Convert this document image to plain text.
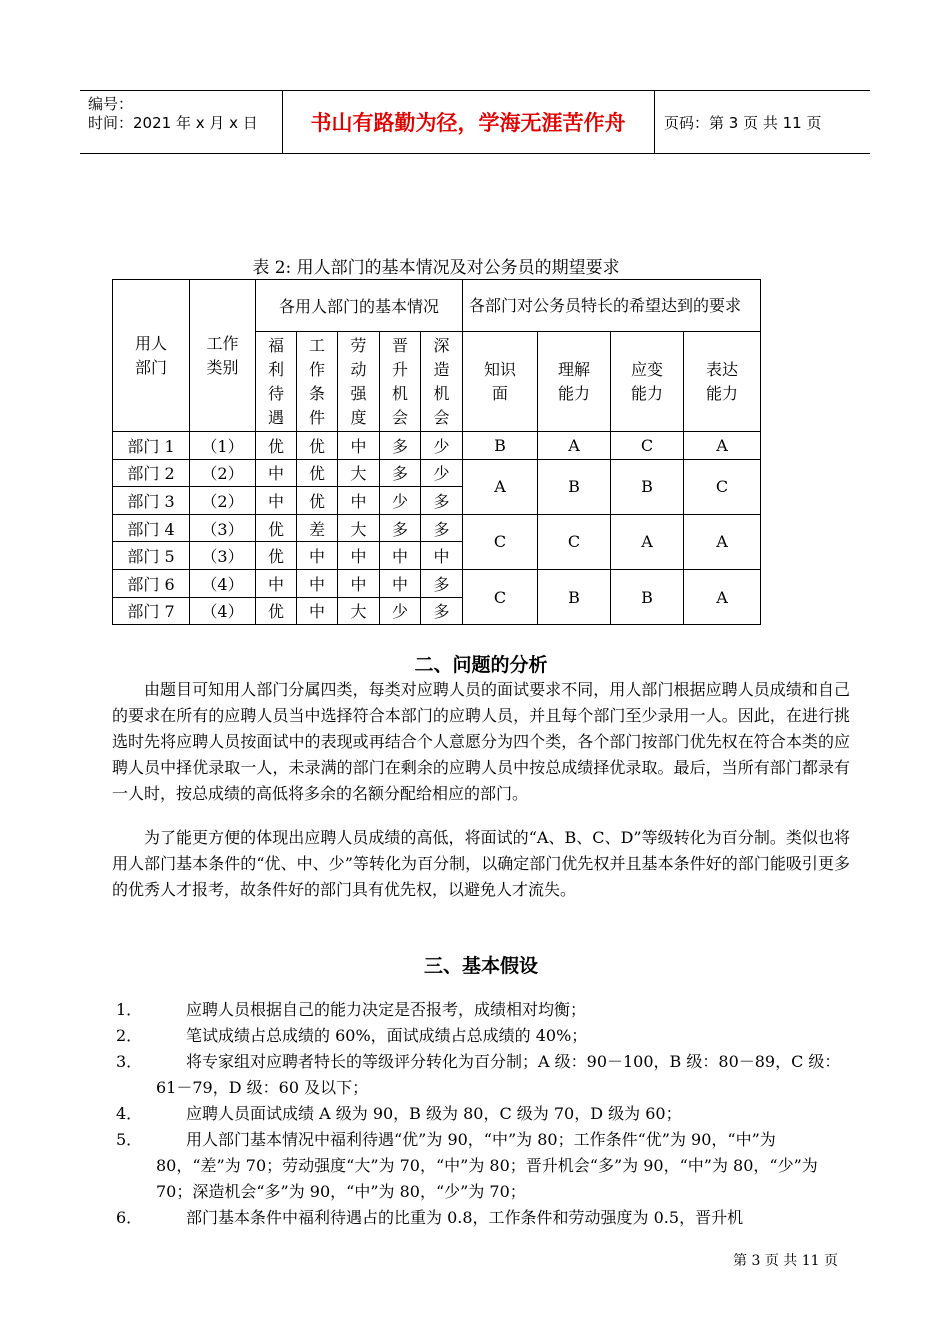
编号：
时间：2021 年 x 月 x 日	书山有路勤为径，学海无涯苦作舟	页码：第 3 页 共 11 页
表 2: 用人部门的基本情况及对公务员的期望要求
用人部门	工作类别	各用人部门的基本情况					各部门对公务员特长的希望达到的要求			
		福利待遇	工作条件	劳动强度	晋升机会	深造机会	知识面	理解能力	应变能力	表达能力
部门 1	（1）	优	优	中	多	少	B	A	C	A
部门 2	（2）	中	优	大	多	少	A	B	B	C
部门 3	（2）	中	优	中	少	多				
部门 4	（3）	优	差	大	多	多	C	C	A	A
部门 5	（3）	优	中	中	中	中				
部门 6	（4）	中	中	中	中	多	C	B	B	A
部门 7	（4）	优	中	大	少	多				
二、问题的分析

由题目可知用人部门分属四类，每类对应聘人员的面试要求不同，用人部门根据应聘人员成绩和自己的要求在所有的应聘人员当中选择符合本部门的应聘人员，并且每个部门至少录用一人。因此，在进行挑选时先将应聘人员按面试中的表现或再结合个人意愿分为四个类，各个部门按部门优先权在符合本类的应聘人员中择优录取一人，未录满的部门在剩余的应聘人员中按总成绩择优录取。最后，当所有部门都录有一人时，按总成绩的高低将多余的名额分配给相应的部门。

为了能更方便的体现出应聘人员成绩的高低，将面试的“A、B、C、D”等级转化为百分制。类似也将用人部门基本条件的“优、中、少”等转化为百分制，以确定部门优先权并且基本条件好的部门能吸引更多的优秀人才报考，故条件好的部门具有优先权，以避免人才流失。

三、基本假设
1．	应聘人员根据自己的能力决定是否报考，成绩相对均衡；
2．	笔试成绩占总成绩的 60%，面试成绩占总成绩的 40%；
3．	将专家组对应聘者特长的等级评分转化为百分制；A 级：90－100，B 级：80－89，C 级：61－79，D 级：60 及以下；
4．	应聘人员面试成绩 A 级为 90，B 级为 80，C 级为 70，D 级为 60；
5．	用人部门基本情况中福利待遇“优”为 90，“中”为 80；工作条件“优”为 90，“中”为 80，“差”为 70；劳动强度“大”为 70，“中”为 80；晋升机会“多”为 90，“中”为 80，“少”为 70；深造机会“多”为 90，“中”为 80，“少”为 70；
6．	部门基本条件中福利待遇占的比重为 0.8，工作条件和劳动强度为 0.5，晋升机
第 3 页 共 11 页
